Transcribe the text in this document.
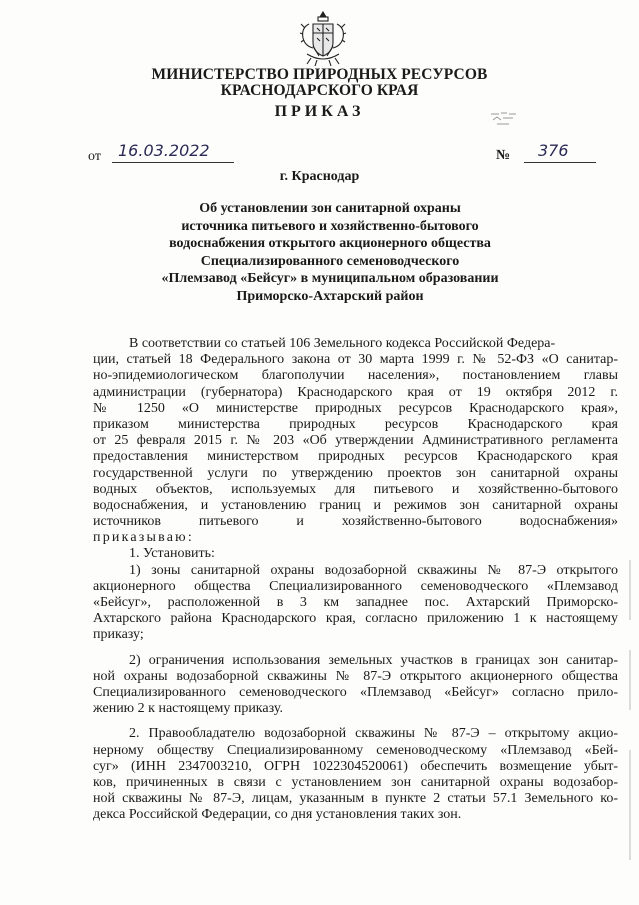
МИНИСТЕРСТВО ПРИРОДНЫХ РЕСУРСОВ
КРАСНОДАРСКОГО КРАЯ
ПРИКАЗ
от	16.03.2022	№	376
г. Краснодар
Об установлении зон санитарной охраны
источника питьевого и хозяйственно-бытового
водоснабжения открытого акционерного общества
Специализированного семеноводческого
«Племзавод «Бейсуг» в муниципальном образовании
Приморско-Ахтарский район
В соответствии со статьей 106 Земельного кодекса Российской Федера-
ции, статьей 18 Федерального закона от 30 марта 1999 г. № 52-ФЗ «О санитар-
но-эпидемиологическом благополучии населения», постановлением главы
администрации (губернатора) Краснодарского края от 19 октября 2012 г.
№ 1250 «О министерстве природных ресурсов Краснодарского края»,
приказом министерства природных ресурсов Краснодарского края
от 25 февраля 2015 г. № 203 «Об утверждении Административного регламента
предоставления министерством природных ресурсов Краснодарского края
государственной услуги по утверждению проектов зон санитарной охраны
водных объектов, используемых для питьевого и хозяйственно-бытового
водоснабжения, и установлению границ и режимов зон санитарной охраны
источников питьевого и хозяйственно-бытового водоснабжения»
приказываю:
1. Установить:
1) зоны санитарной охраны водозаборной скважины № 87-Э открытого
акционерного общества Специализированного семеноводческого «Племзавод
«Бейсуг», расположенной в 3 км западнее пос. Ахтарский Приморско-
Ахтарского района Краснодарского края, согласно приложению 1 к настоящему
приказу;
2) ограничения использования земельных участков в границах зон санитар-
ной охраны водозаборной скважины № 87-Э открытого акционерного общества
Специализированного семеноводческого «Племзавод «Бейсуг» согласно прило-
жению 2 к настоящему приказу.
2. Правообладателю водозаборной скважины № 87-Э – открытому акцио-
нерному обществу Специализированному семеноводческому «Племзавод «Бей-
суг» (ИНН 2347003210, ОГРН 1022304520061) обеспечить возмещение убыт-
ков, причиненных в связи с установлением зон санитарной охраны водозабор-
ной скважины № 87-Э, лицам, указанным в пункте 2 статьи 57.1 Земельного ко-
декса Российской Федерации, со дня установления таких зон.
